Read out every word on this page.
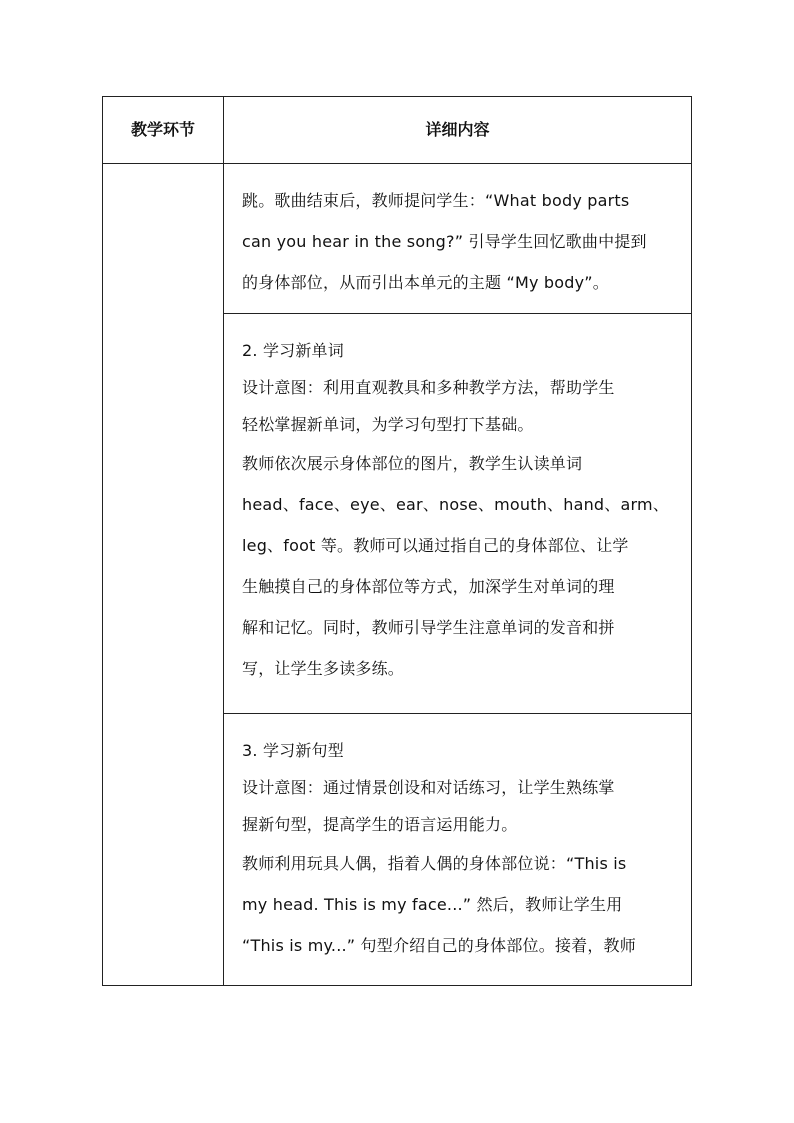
教学环节	详细内容
跳。歌曲结束后，教师提问学生：“What body parts
can you hear in the song?” 引导学生回忆歌曲中提到
的身体部位，从而引出本单元的主题 “My body”。
2. 学习新单词
设计意图：利用直观教具和多种教学方法，帮助学生
轻松掌握新单词，为学习句型打下基础。
教师依次展示身体部位的图片，教学生认读单词
head、face、eye、ear、nose、mouth、hand、arm、
leg、foot 等。教师可以通过指自己的身体部位、让学
生触摸自己的身体部位等方式，加深学生对单词的理
解和记忆。同时，教师引导学生注意单词的发音和拼
写，让学生多读多练。
3. 学习新句型
设计意图：通过情景创设和对话练习，让学生熟练掌
握新句型，提高学生的语言运用能力。
教师利用玩具人偶，指着人偶的身体部位说：“This is
my head. This is my face...” 然后，教师让学生用
“This is my...” 句型介绍自己的身体部位。接着，教师
